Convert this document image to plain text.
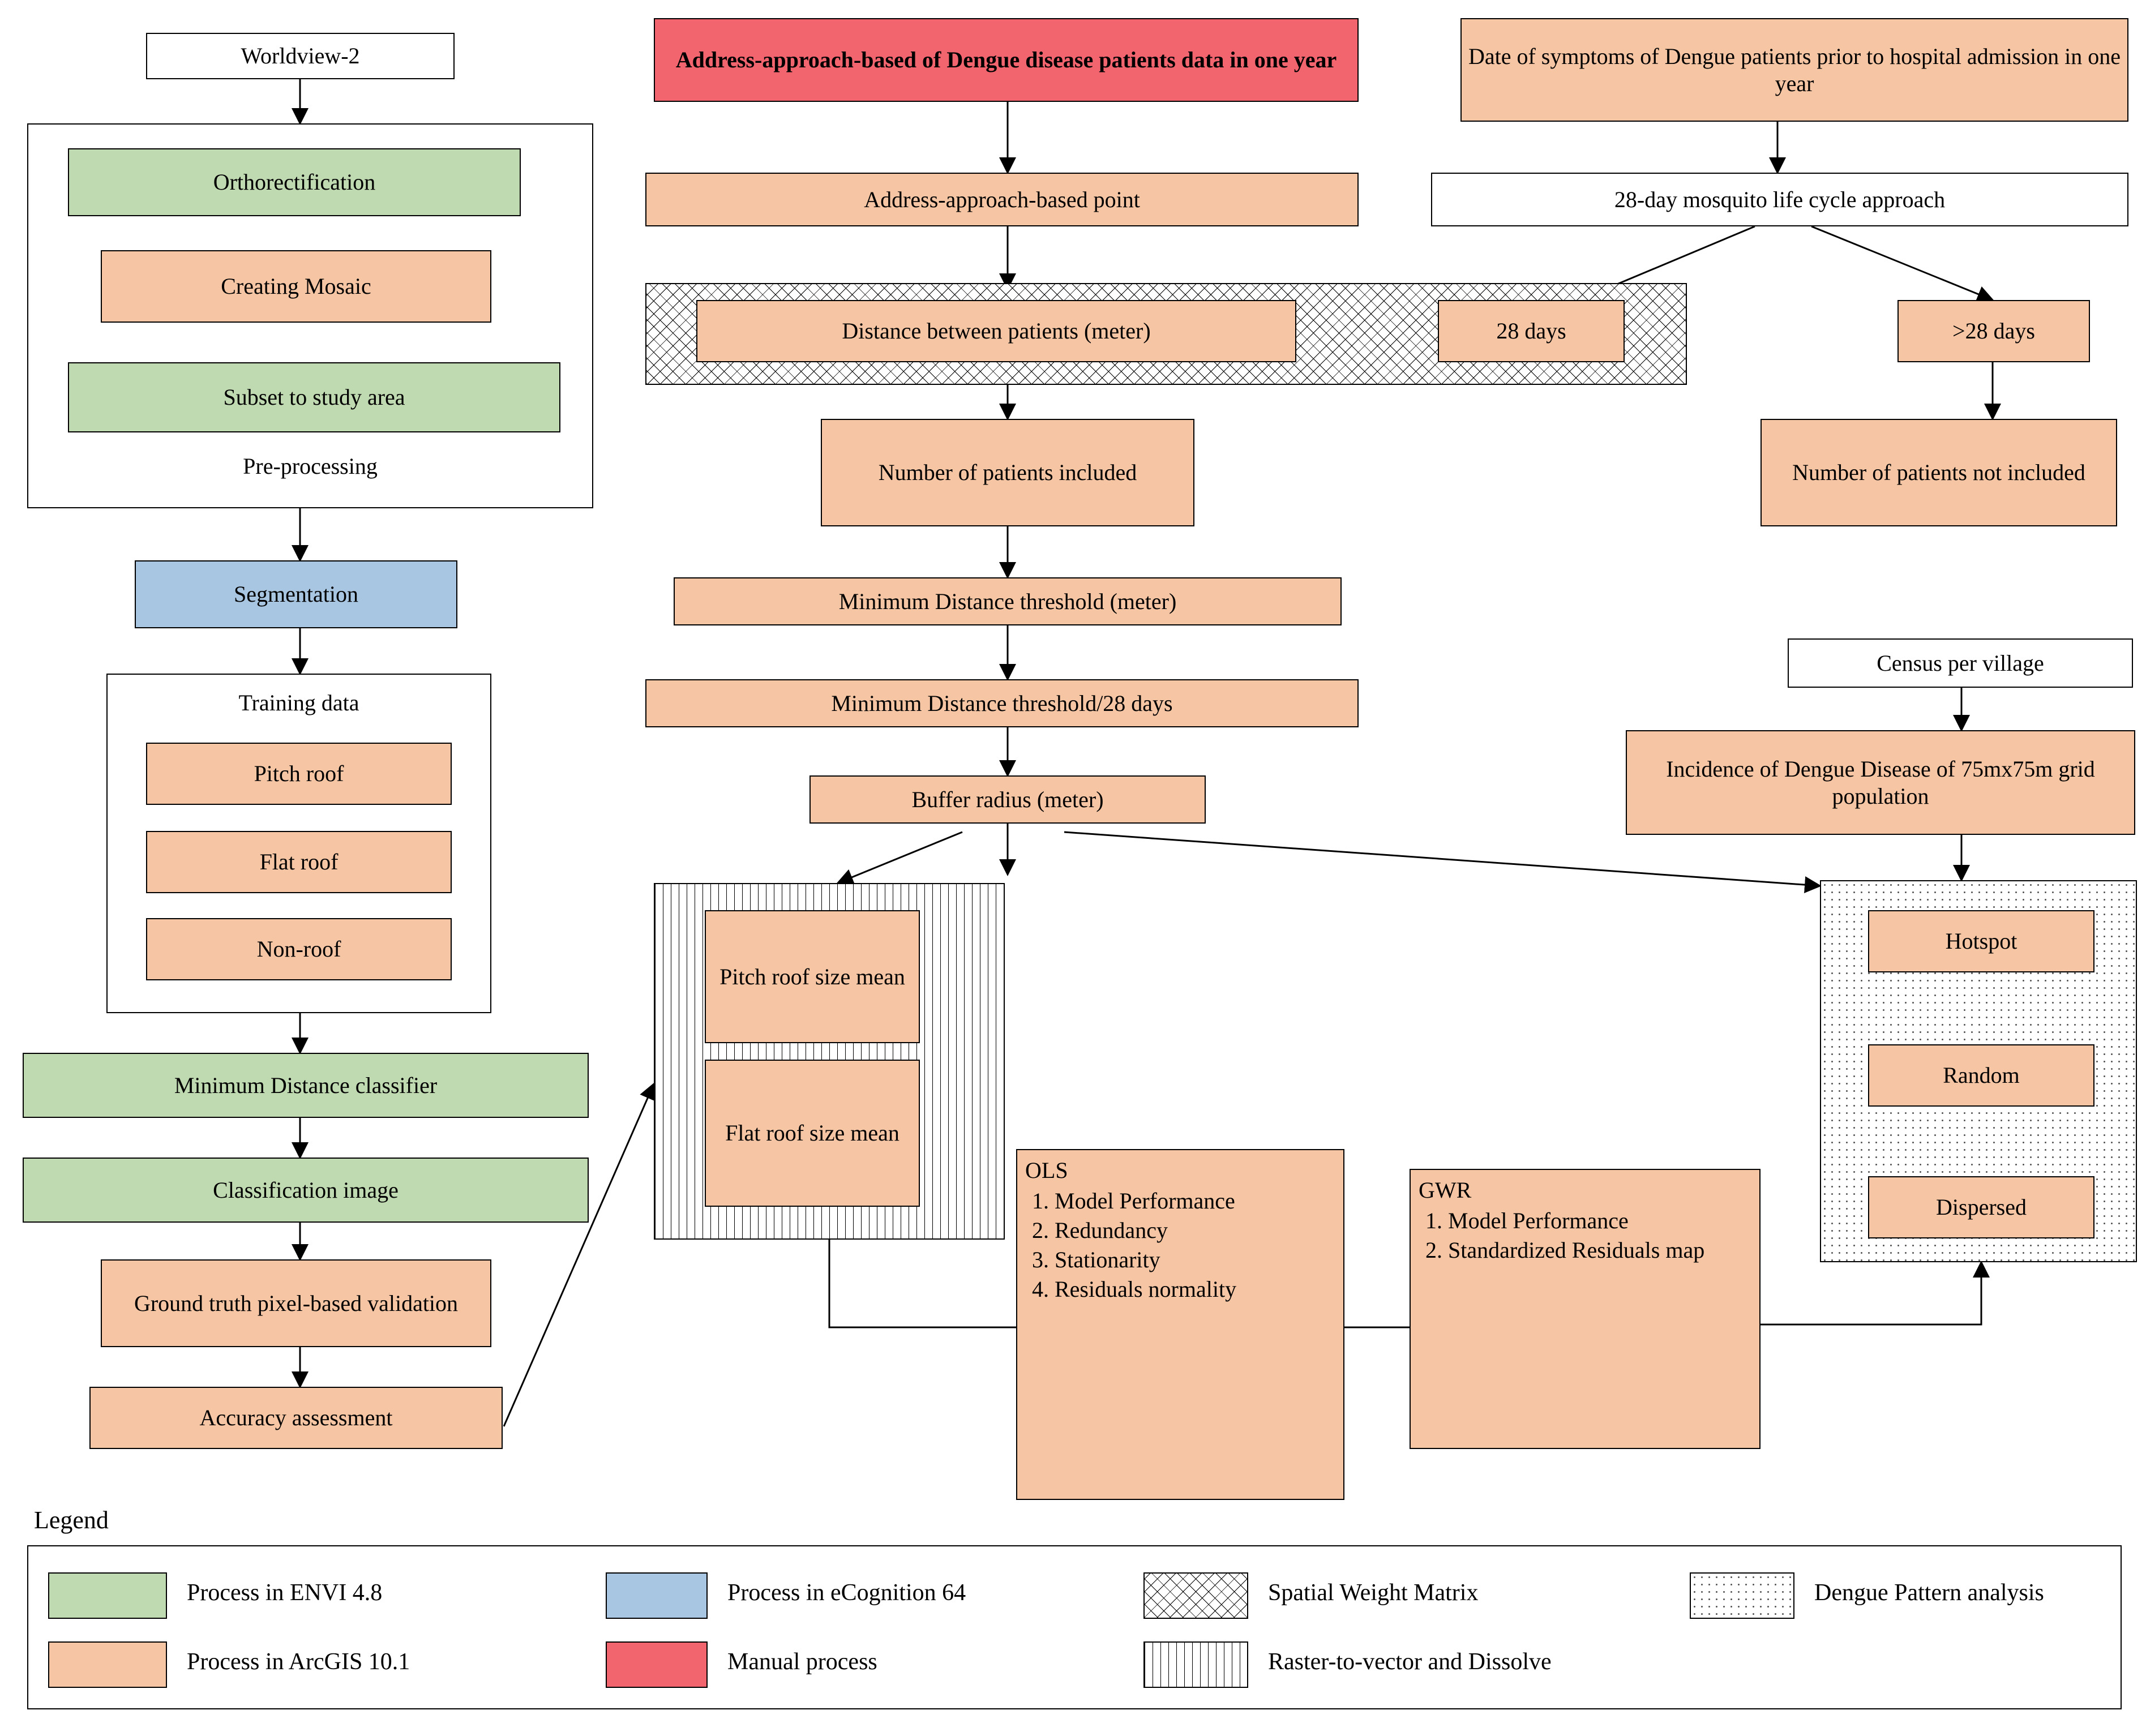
Worldview-2
Orthorectification
Creating Mosaic
Subset to study area
Pre-processing
Segmentation
Training data
Pitch roof
Flat roof
Non-roof
Minimum Distance classifier
Classification image
Ground truth pixel-based validation
Accuracy assessment
Address-approach-based of Dengue disease patients data in one year
Address-approach-based point
Distance between patients (meter)	28 days
Number of patients included
Minimum Distance threshold (meter)
Minimum Distance threshold/28 days
Buffer radius (meter)
Pitch roof size mean
Flat roof size mean
Date of symptoms of Dengue patients prior to hospital admission in one year
28-day mosquito life cycle approach
>28 days
Number of patients not included
Census per village
Incidence of Dengue Disease of 75mx75m grid population
Hotspot
Random
Dispersed
OLS
1. Model Performance
2. Redundancy
3. Stationarity
4. Residuals normality
GWR
1. Model Performance
2. Standardized Residuals map
Legend
Process in ENVI 4.8	Process in eCognition 64	Spatial Weight Matrix	Dengue Pattern analysis
Process in ArcGIS 10.1	Manual process	Raster-to-vector and Dissolve
